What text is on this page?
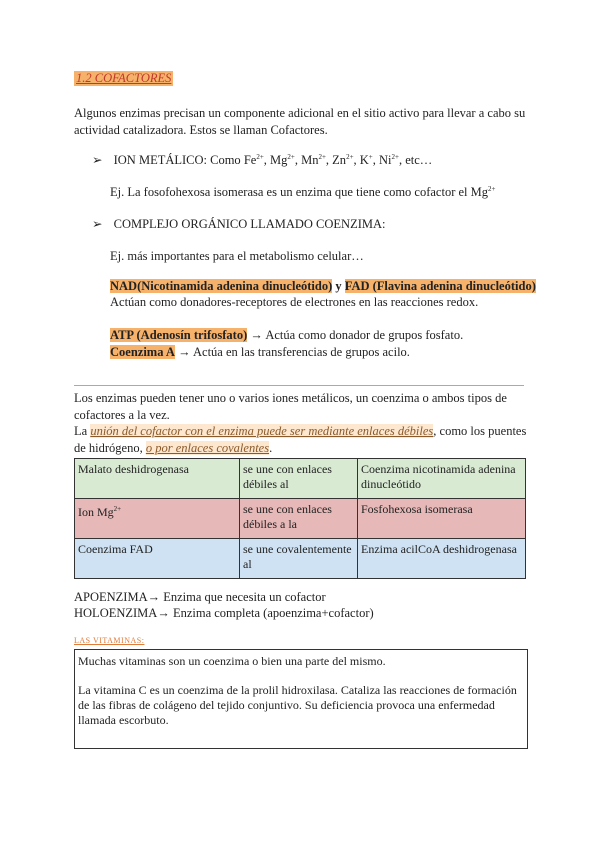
1.2 COFACTORES
Algunos enzimas precisan un componente adicional en el sitio activo para llevar a cabo su actividad catalizadora. Estos se llaman Cofactores.
➢ ION METÁLICO: Como $Fe^{2+}$, $Mg^{2+}$, $Mn^{2+}$, $Zn^{2+}$, K+, $Ni^{2+}$, etc…
Ej. La fosofohexosa isomerasa es un enzima que tiene como cofactor el $Mg^{2+}$
➢ COMPLEJO ORGÁNICO LLAMADO COENZIMA:
Ej. más importantes para el metabolismo celular…
NAD(Nicotinamida adenina dinucleótido) y FAD (Flavina adenina dinucleótido)
Actúan como donadores-receptores de electrones en las reacciones redox.
ATP (Adenosín trifosfato) → Actúa como donador de grupos fosfato.
Coenzima A → Actúa en las transferencias de grupos acilo.
Los enzimas pueden tener uno o varios iones metálicos, un coenzima o ambos tipos de cofactores a la vez.
La unión del cofactor con el enzima puede ser mediante enlaces débiles, como los puentes de hidrógeno, o por enlaces covalentes.
Malato deshidrogenasa	se une con enlaces débiles al	Coenzima nicotinamida adenina dinucleótido
Ion $Mg^{2+}$	se une con enlaces débiles a la	Fosfohexosa isomerasa
Coenzima FAD	se une covalentemente al	Enzima acilCoA deshidrogenasa
APOENZIMA→ Enzima que necesita un cofactor
HOLOENZIMA→ Enzima completa (apoenzima+cofactor)
LAS VITAMINAS:
Muchas vitaminas son un coenzima o bien una parte del mismo.
La vitamina C es un coenzima de la prolil hidroxilasa. Cataliza las reacciones de formación de las fibras de colágeno del tejido conjuntivo. Su deficiencia provoca una enfermedad llamada escorbuto.
